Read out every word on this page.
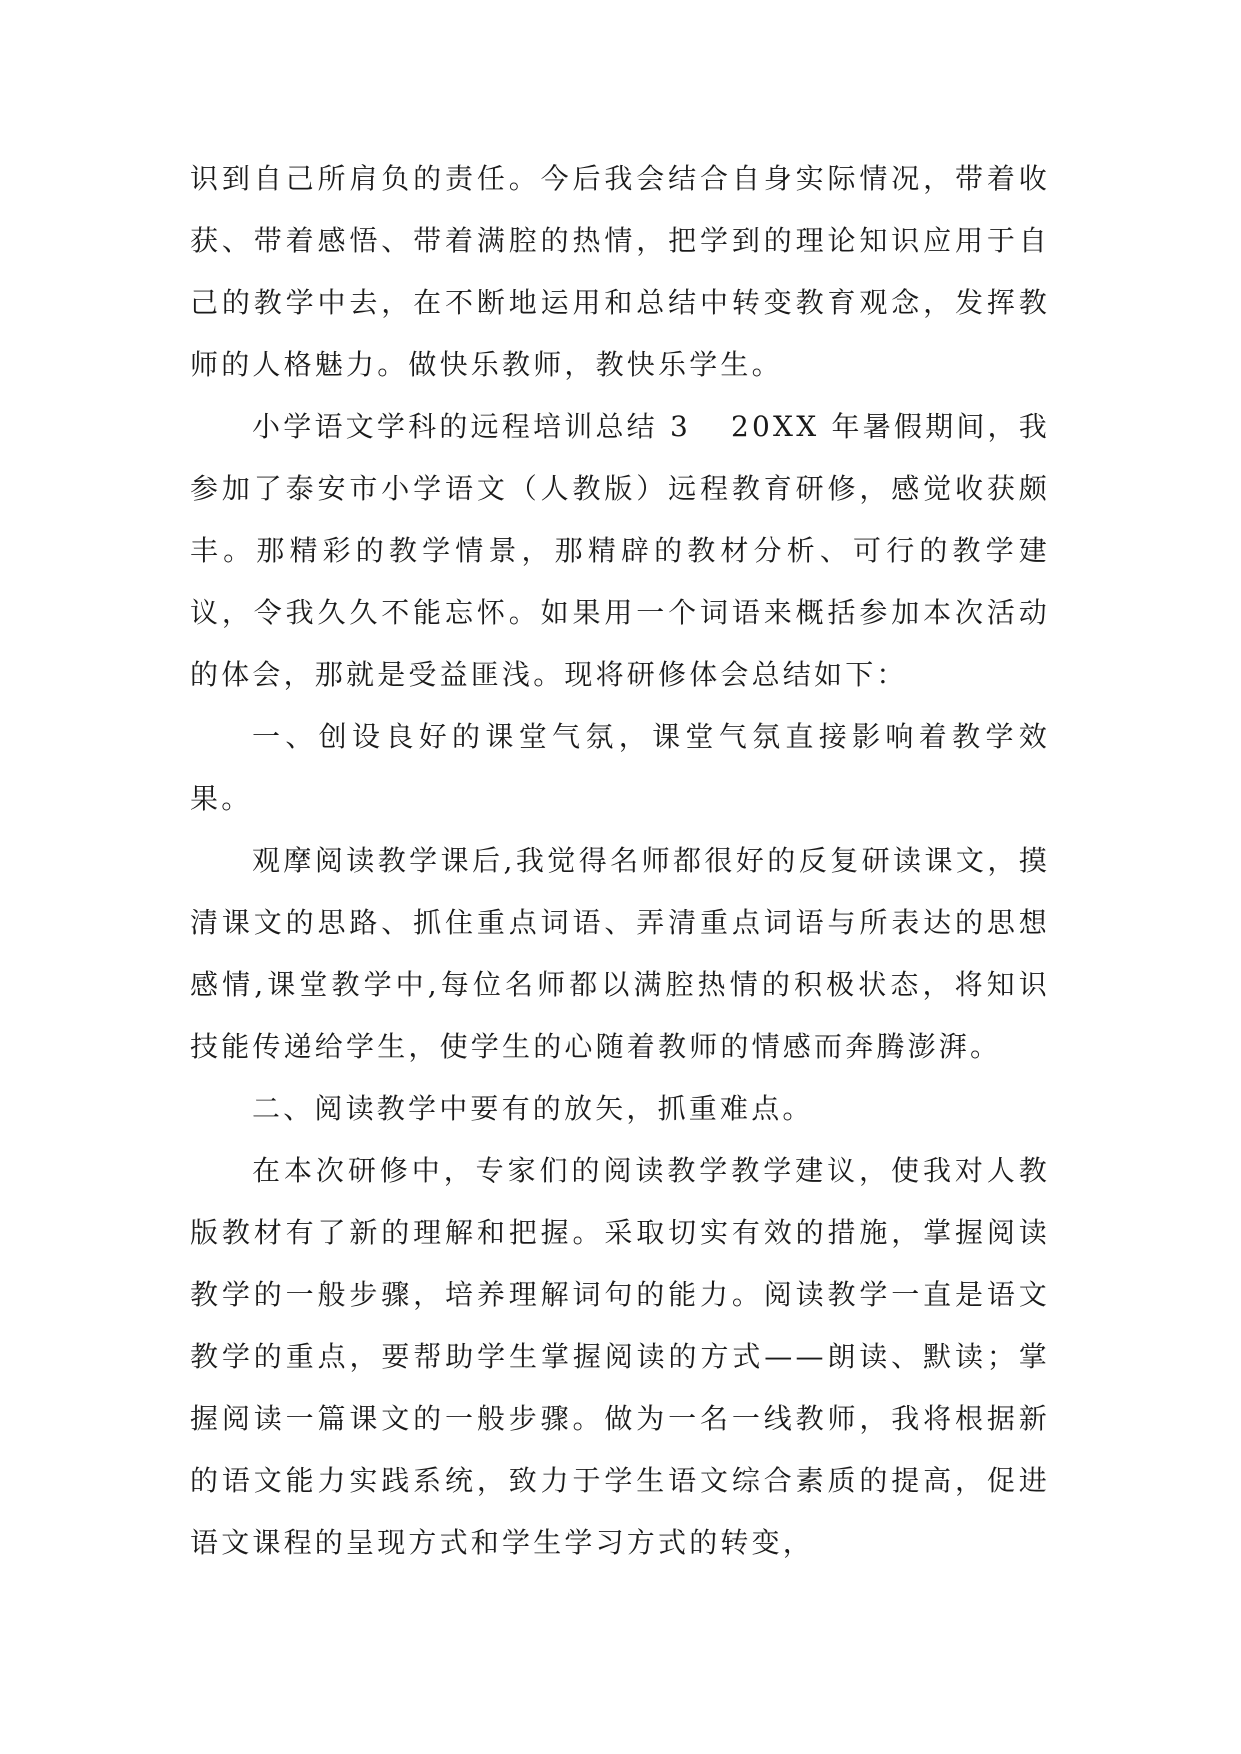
识到自己所肩负的责任。今后我会结合自身实际情况，带着收获、带着感悟、带着满腔的热情，把学到的理论知识应用于自己的教学中去，在不断地运用和总结中转变教育观念，发挥教师的人格魅力。做快乐教师，教快乐学生。

小学语文学科的远程培训总结 3 20XX 年暑假期间，我参加了泰安市小学语文（人教版）远程教育研修，感觉收获颇丰。那精彩的教学情景，那精辟的教材分析、可行的教学建议，令我久久不能忘怀。如果用一个词语来概括参加本次活动的体会，那就是受益匪浅。现将研修体会总结如下：

一、创设良好的课堂气氛，课堂气氛直接影响着教学效果。

观摩阅读教学课后,我觉得名师都很好的反复研读课文，摸清课文的思路、抓住重点词语、弄清重点词语与所表达的思想感情,课堂教学中,每位名师都以满腔热情的积极状态，将知识技能传递给学生，使学生的心随着教师的情感而奔腾澎湃。

二、阅读教学中要有的放矢，抓重难点。

在本次研修中，专家们的阅读教学教学建议，使我对人教版教材有了新的理解和把握。采取切实有效的措施，掌握阅读教学的一般步骤，培养理解词句的能力。阅读教学一直是语文教学的重点，要帮助学生掌握阅读的方式——朗读、默读；掌握阅读一篇课文的一般步骤。做为一名一线教师，我将根据新的语文能力实践系统，致力于学生语文综合素质的提高，促进语文课程的呈现方式和学生学习方式的转变，
